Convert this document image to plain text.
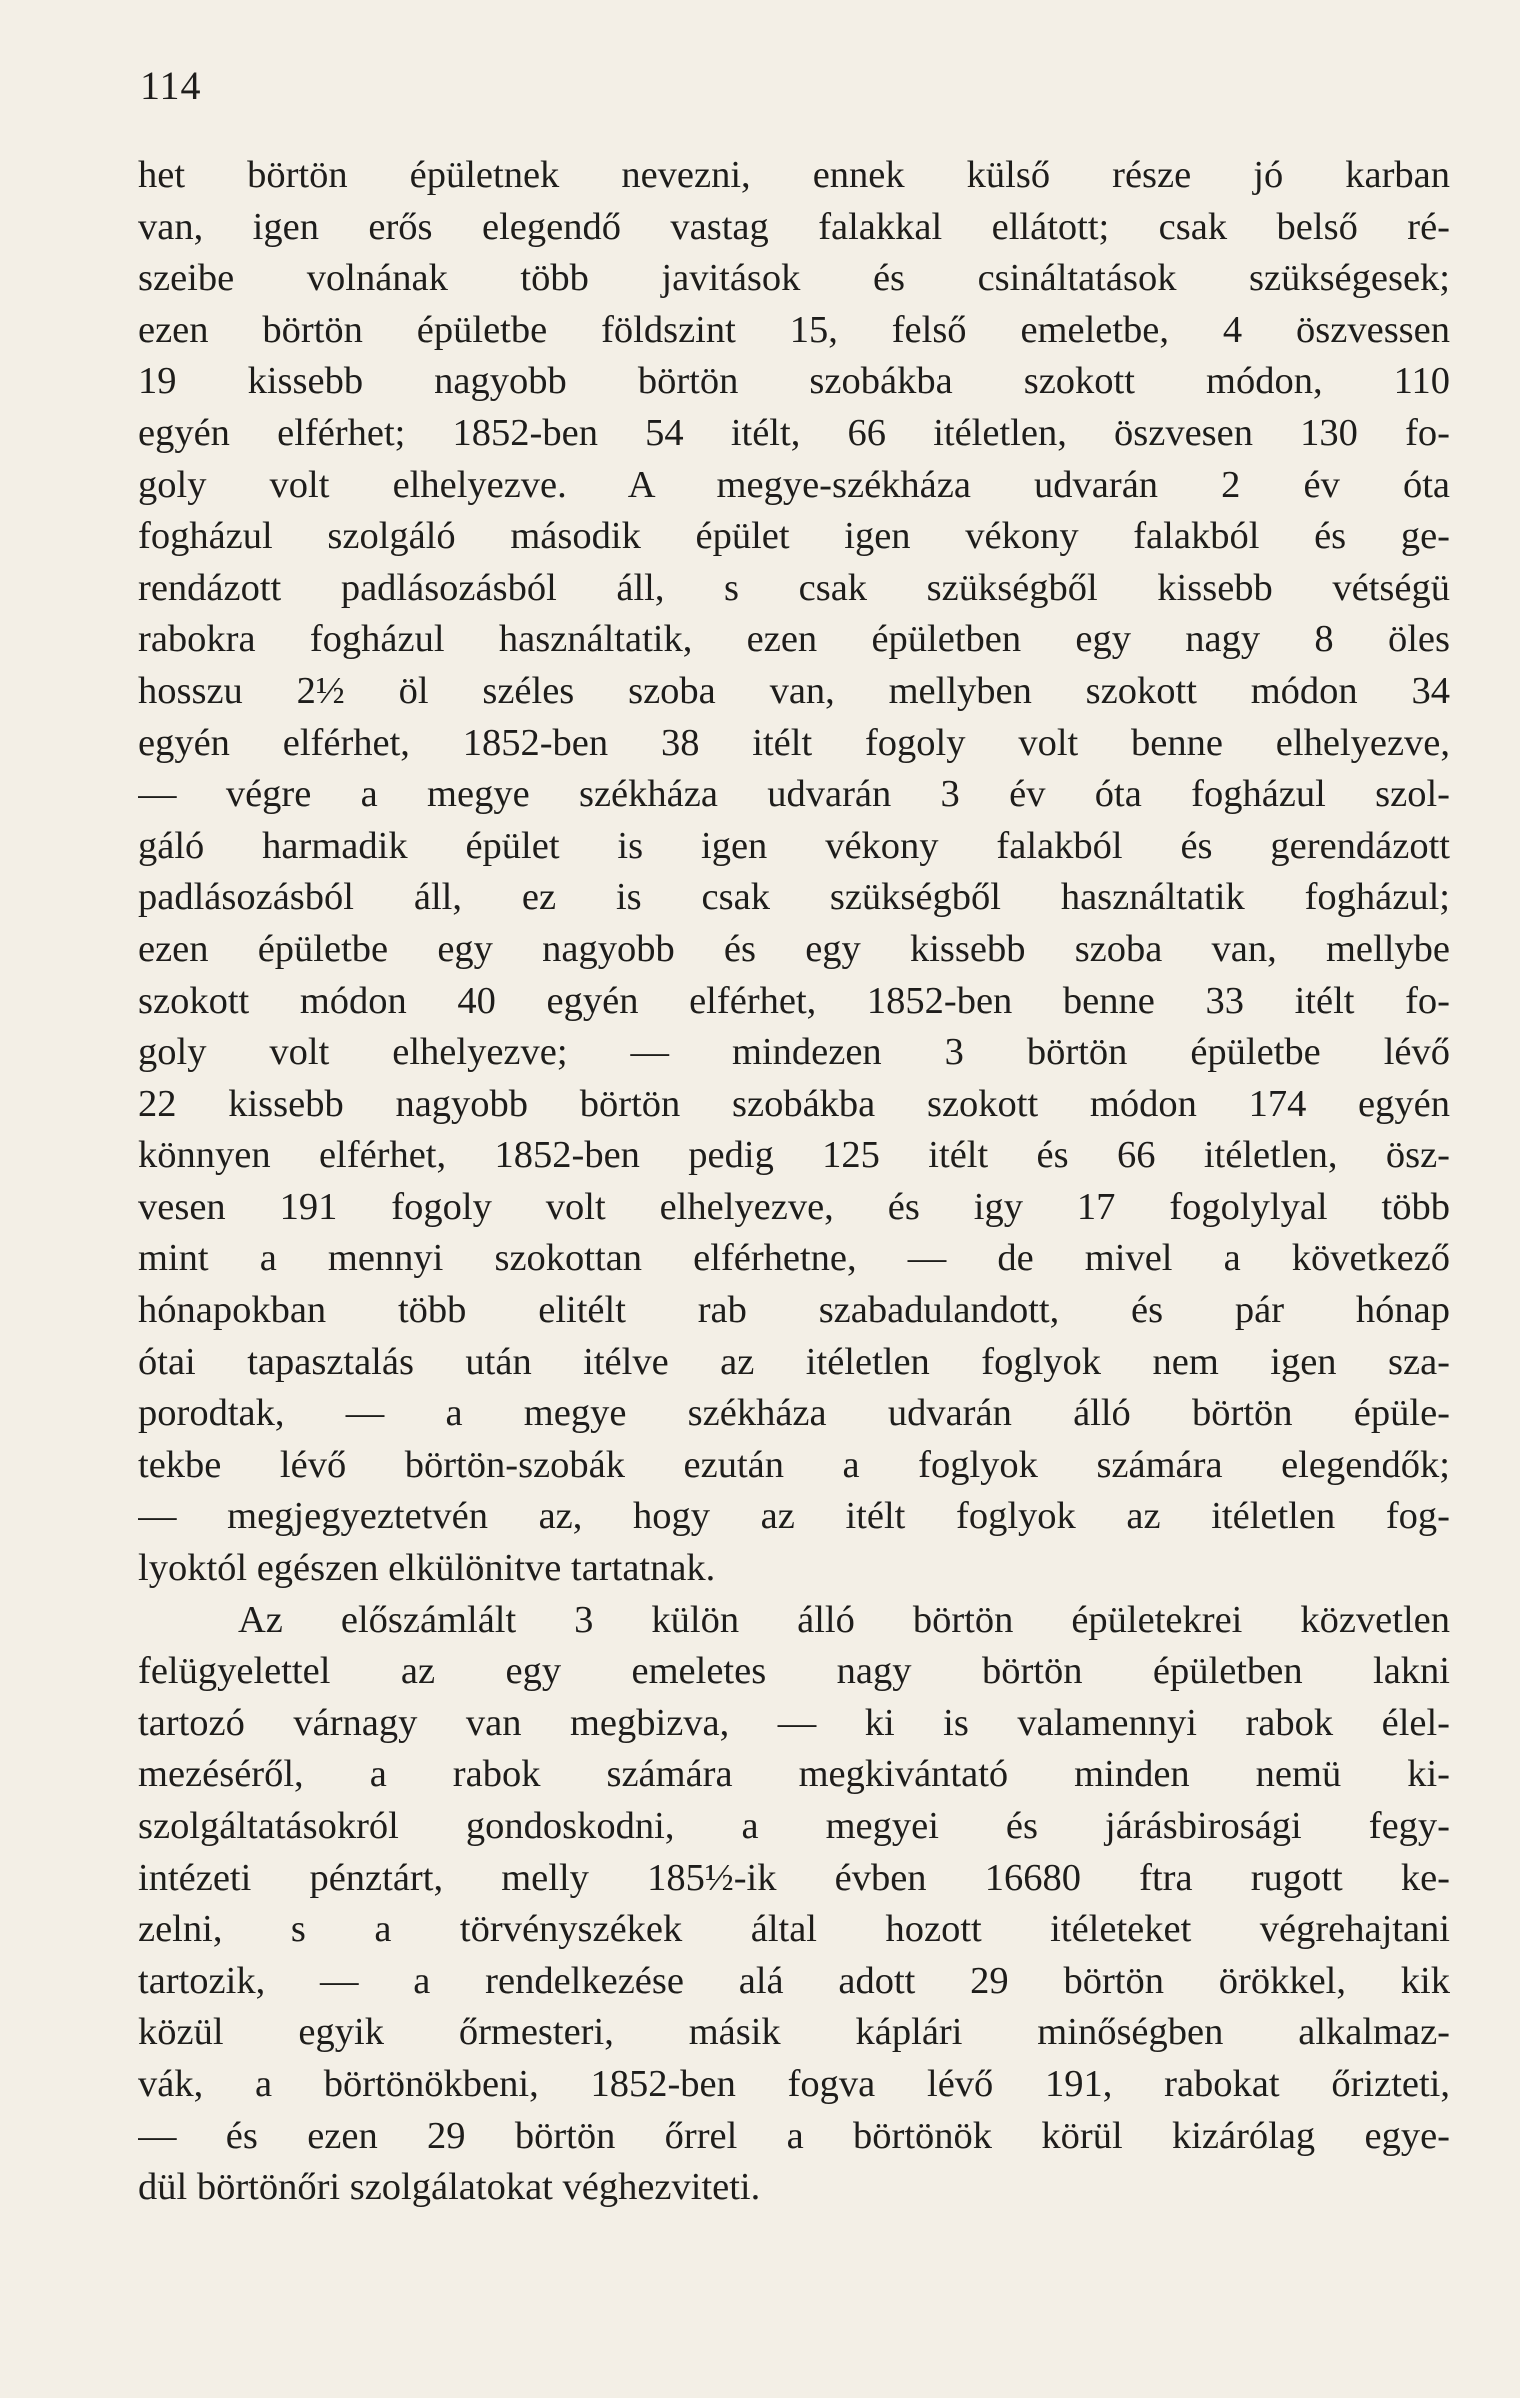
114
het börtön épületnek nevezni, ennek külső része jó karban
van, igen erős elegendő vastag falakkal ellátott; csak belső ré-
szeibe volnának több javitások és csináltatások szükségesek;
ezen börtön épületbe földszint 15, felső emeletbe, 4 öszvessen
19 kissebb nagyobb börtön szobákba szokott módon, 110
egyén elférhet; 1852-ben 54 itélt, 66 itéletlen, öszvesen 130 fo-
goly volt elhelyezve. A megye-székháza udvarán 2 év óta
fogházul szolgáló második épület igen vékony falakból és ge-
rendázott padlásozásból áll, s csak szükségből kissebb vétségü
rabokra fogházul használtatik, ezen épületben egy nagy 8 öles
hosszu 2½ öl széles szoba van, mellyben szokott módon 34
egyén elférhet, 1852-ben 38 itélt fogoly volt benne elhelyezve,
— végre a megye székháza udvarán 3 év óta fogházul szol-
gáló harmadik épület is igen vékony falakból és gerendázott
padlásozásból áll, ez is csak szükségből használtatik fogházul;
ezen épületbe egy nagyobb és egy kissebb szoba van, mellybe
szokott módon 40 egyén elférhet, 1852-ben benne 33 itélt fo-
goly volt elhelyezve; — mindezen 3 börtön épületbe lévő
22 kissebb nagyobb börtön szobákba szokott módon 174 egyén
könnyen elférhet, 1852-ben pedig 125 itélt és 66 itéletlen, ösz-
vesen 191 fogoly volt elhelyezve, és igy 17 fogolylyal több
mint a mennyi szokottan elférhetne, — de mivel a következő
hónapokban több elitélt rab szabadulandott, és pár hónap
ótai tapasztalás után itélve az itéletlen foglyok nem igen sza-
porodtak, — a megye székháza udvarán álló börtön épüle-
tekbe lévő börtön-szobák ezután a foglyok számára elegendők;
— megjegyeztetvén az, hogy az itélt foglyok az itéletlen fog-
lyoktól egészen elkülönitve tartatnak.
Az előszámlált 3 külön álló börtön épületekrei közvetlen
felügyelettel az egy emeletes nagy börtön épületben lakni
tartozó várnagy van megbizva, — ki is valamennyi rabok élel-
mezéséről, a rabok számára megkivántató minden nemü ki-
szolgáltatásokról gondoskodni, a megyei és járásbirosági fegy-
intézeti pénztárt, melly 185½-ik évben 16680 ftra rugott ke-
zelni, s a törvényszékek által hozott itéleteket végrehajtani
tartozik, — a rendelkezése alá adott 29 börtön örökkel, kik
közül egyik őrmesteri, másik káplári minőségben alkalmaz-
vák, a börtönökbeni, 1852-ben fogva lévő 191, rabokat őrizteti,
— és ezen 29 börtön őrrel a börtönök körül kizárólag egye-
dül börtönőri szolgálatokat véghezviteti.
